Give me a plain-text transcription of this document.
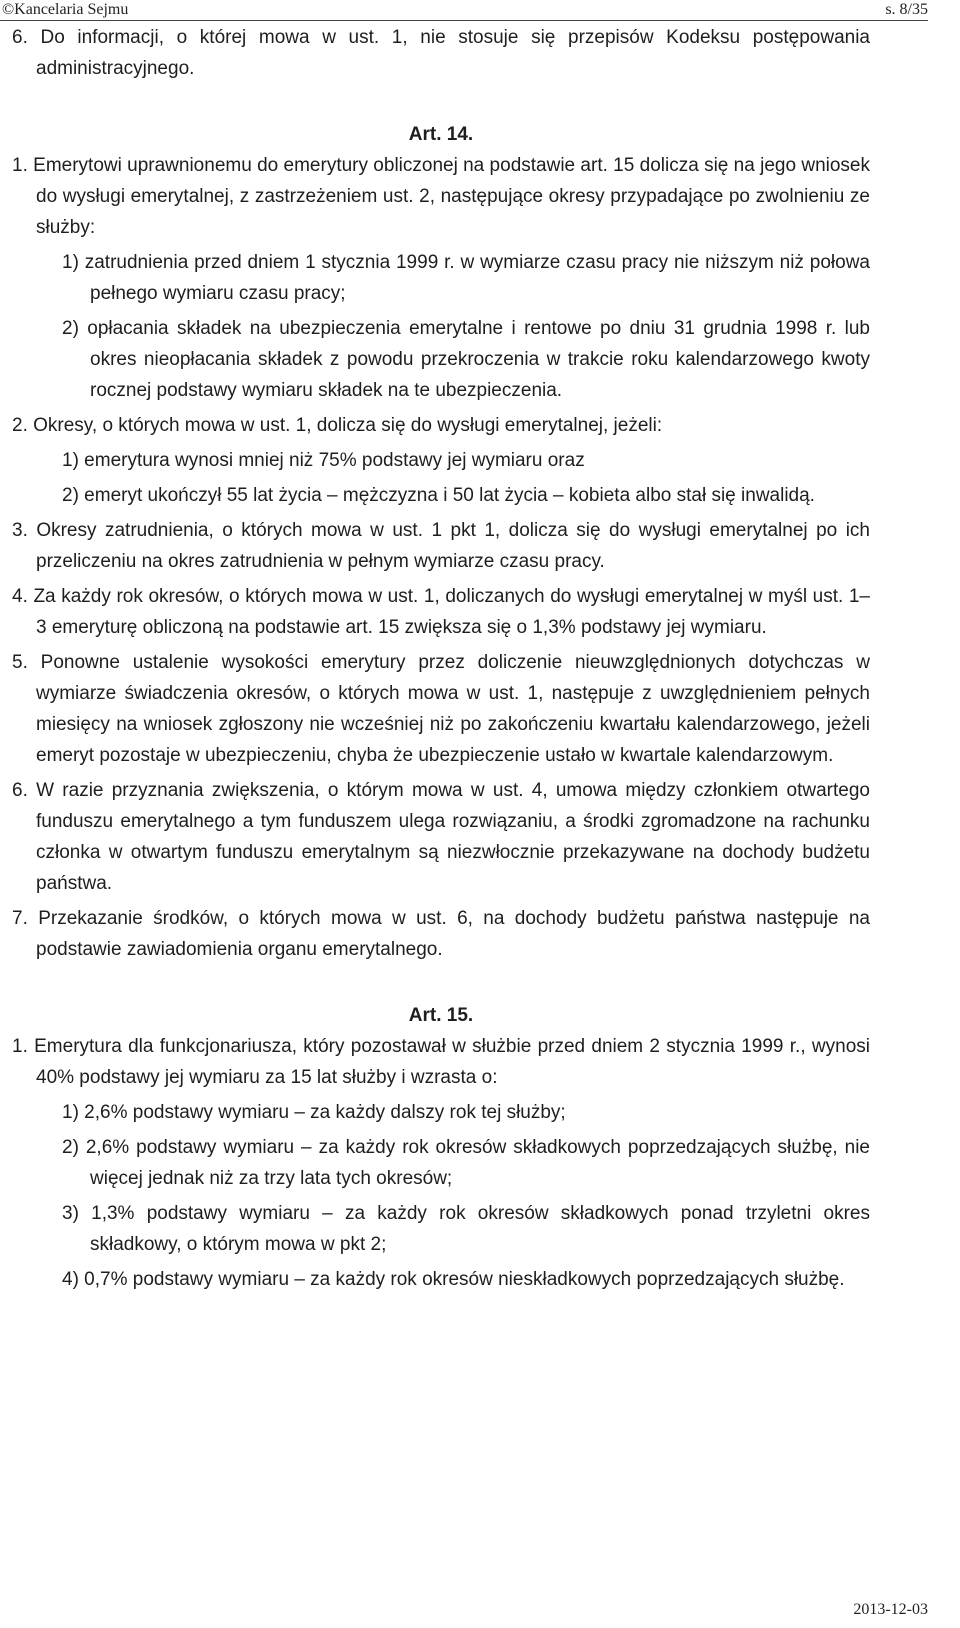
©Kancelaria Sejmu	s. 8/35

6. Do informacji, o której mowa w ust. 1, nie stosuje się przepisów Kodeksu postępowania administracyjnego.

Art. 14.

1. Emerytowi uprawnionemu do emerytury obliczonej na podstawie art. 15 dolicza się na jego wniosek do wysługi emerytalnej, z zastrzeżeniem ust. 2, następujące okresy przypadające po zwolnieniu ze służby:

1) zatrudnienia przed dniem 1 stycznia 1999 r. w wymiarze czasu pracy nie niższym niż połowa pełnego wymiaru czasu pracy;

2) opłacania składek na ubezpieczenia emerytalne i rentowe po dniu 31 grudnia 1998 r. lub okres nieopłacania składek z powodu przekroczenia w trakcie roku kalendarzowego kwoty rocznej podstawy wymiaru składek na te ubezpieczenia.

2. Okresy, o których mowa w ust. 1, dolicza się do wysługi emerytalnej, jeżeli:

1) emerytura wynosi mniej niż 75% podstawy jej wymiaru oraz

2) emeryt ukończył 55 lat życia – mężczyzna i 50 lat życia – kobieta albo stał się inwalidą.

3. Okresy zatrudnienia, o których mowa w ust. 1 pkt 1, dolicza się do wysługi emerytalnej po ich przeliczeniu na okres zatrudnienia w pełnym wymiarze czasu pracy.

4. Za każdy rok okresów, o których mowa w ust. 1, doliczanych do wysługi emerytalnej w myśl ust. 1–3 emeryturę obliczoną na podstawie art. 15 zwiększa się o 1,3% podstawy jej wymiaru.

5. Ponowne ustalenie wysokości emerytury przez doliczenie nieuwzględnionych dotychczas w wymiarze świadczenia okresów, o których mowa w ust. 1, następuje z uwzględnieniem pełnych miesięcy na wniosek zgłoszony nie wcześniej niż po zakończeniu kwartału kalendarzowego, jeżeli emeryt pozostaje w ubezpieczeniu, chyba że ubezpieczenie ustało w kwartale kalendarzowym.

6. W razie przyznania zwiększenia, o którym mowa w ust. 4, umowa między członkiem otwartego funduszu emerytalnego a tym funduszem ulega rozwiązaniu, a środki zgromadzone na rachunku członka w otwartym funduszu emerytalnym są niezwłocznie przekazywane na dochody budżetu państwa.

7. Przekazanie środków, o których mowa w ust. 6, na dochody budżetu państwa następuje na podstawie zawiadomienia organu emerytalnego.

Art. 15.

1. Emerytura dla funkcjonariusza, który pozostawał w służbie przed dniem 2 stycznia 1999 r., wynosi 40% podstawy jej wymiaru za 15 lat służby i wzrasta o:

1) 2,6% podstawy wymiaru – za każdy dalszy rok tej służby;

2) 2,6% podstawy wymiaru – za każdy rok okresów składkowych poprzedzających służbę, nie więcej jednak niż za trzy lata tych okresów;

3) 1,3% podstawy wymiaru – za każdy rok okresów składkowych ponad trzyletni okres składkowy, o którym mowa w pkt 2;

4) 0,7% podstawy wymiaru – za każdy rok okresów nieskładkowych poprzedzających służbę.

2013-12-03
